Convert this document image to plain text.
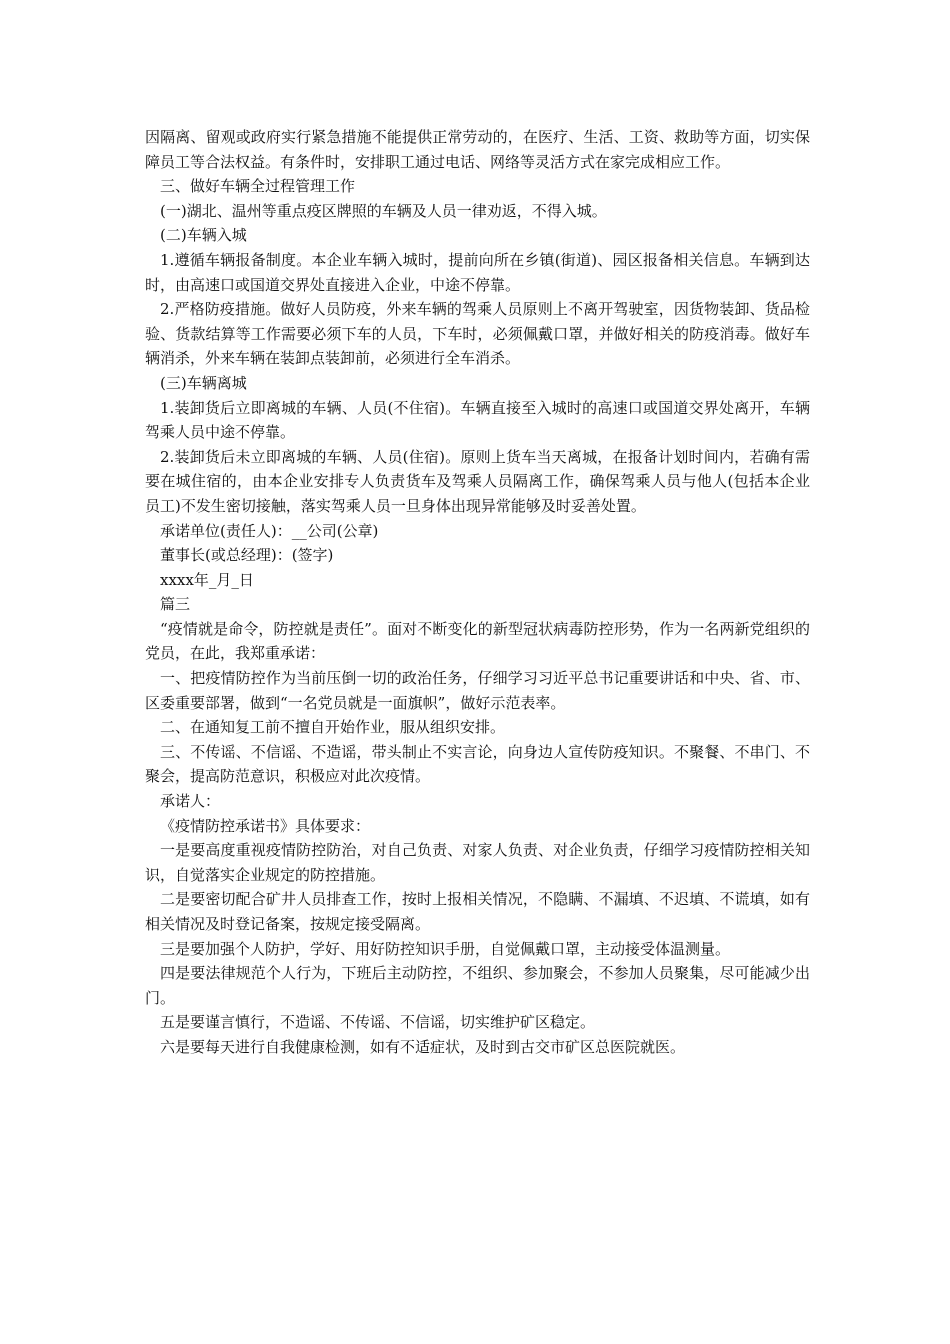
因隔离、留观或政府实行紧急措施不能提供正常劳动的，在医疗、生活、工资、救助等方面，切实保障员工等合法权益。有条件时，安排职工通过电话、网络等灵活方式在家完成相应工作。

三、做好车辆全过程管理工作

(一)湖北、温州等重点疫区牌照的车辆及人员一律劝返，不得入城。

(二)车辆入城

1.遵循车辆报备制度。本企业车辆入城时，提前向所在乡镇(街道)、园区报备相关信息。车辆到达时，由高速口或国道交界处直接进入企业，中途不停靠。

2.严格防疫措施。做好人员防疫，外来车辆的驾乘人员原则上不离开驾驶室，因货物装卸、货品检验、货款结算等工作需要必须下车的人员，下车时，必须佩戴口罩，并做好相关的防疫消毒。做好车辆消杀，外来车辆在装卸点装卸前，必须进行全车消杀。

(三)车辆离城

1.装卸货后立即离城的车辆、人员(不住宿)。车辆直接至入城时的高速口或国道交界处离开，车辆驾乘人员中途不停靠。

2.装卸货后未立即离城的车辆、人员(住宿)。原则上货车当天离城，在报备计划时间内，若确有需要在城住宿的，由本企业安排专人负责货车及驾乘人员隔离工作，确保驾乘人员与他人(包括本企业员工)不发生密切接触，落实驾乘人员一旦身体出现异常能够及时妥善处置。

承诺单位(责任人)：__公司(公章)

董事长(或总经理)：(签字)

xxxx年_月_日

篇三

“疫情就是命令，防控就是责任”。面对不断变化的新型冠状病毒防控形势，作为一名两新党组织的党员，在此，我郑重承诺：

一、把疫情防控作为当前压倒一切的政治任务，仔细学习习近平总书记重要讲话和中央、省、市、区委重要部署，做到“一名党员就是一面旗帜”，做好示范表率。

二、在通知复工前不擅自开始作业，服从组织安排。

三、不传谣、不信谣、不造谣，带头制止不实言论，向身边人宣传防疫知识。不聚餐、不串门、不聚会，提高防范意识，积极应对此次疫情。

承诺人：

《疫情防控承诺书》具体要求：

一是要高度重视疫情防控防治，对自己负责、对家人负责、对企业负责，仔细学习疫情防控相关知识，自觉落实企业规定的防控措施。

二是要密切配合矿井人员排查工作，按时上报相关情况，不隐瞒、不漏填、不迟填、不谎填，如有相关情况及时登记备案，按规定接受隔离。

三是要加强个人防护，学好、用好防控知识手册，自觉佩戴口罩，主动接受体温测量。

四是要法律规范个人行为，下班后主动防控，不组织、参加聚会，不参加人员聚集，尽可能减少出门。

五是要谨言慎行，不造谣、不传谣、不信谣，切实维护矿区稳定。

六是要每天进行自我健康检测，如有不适症状，及时到古交市矿区总医院就医。
